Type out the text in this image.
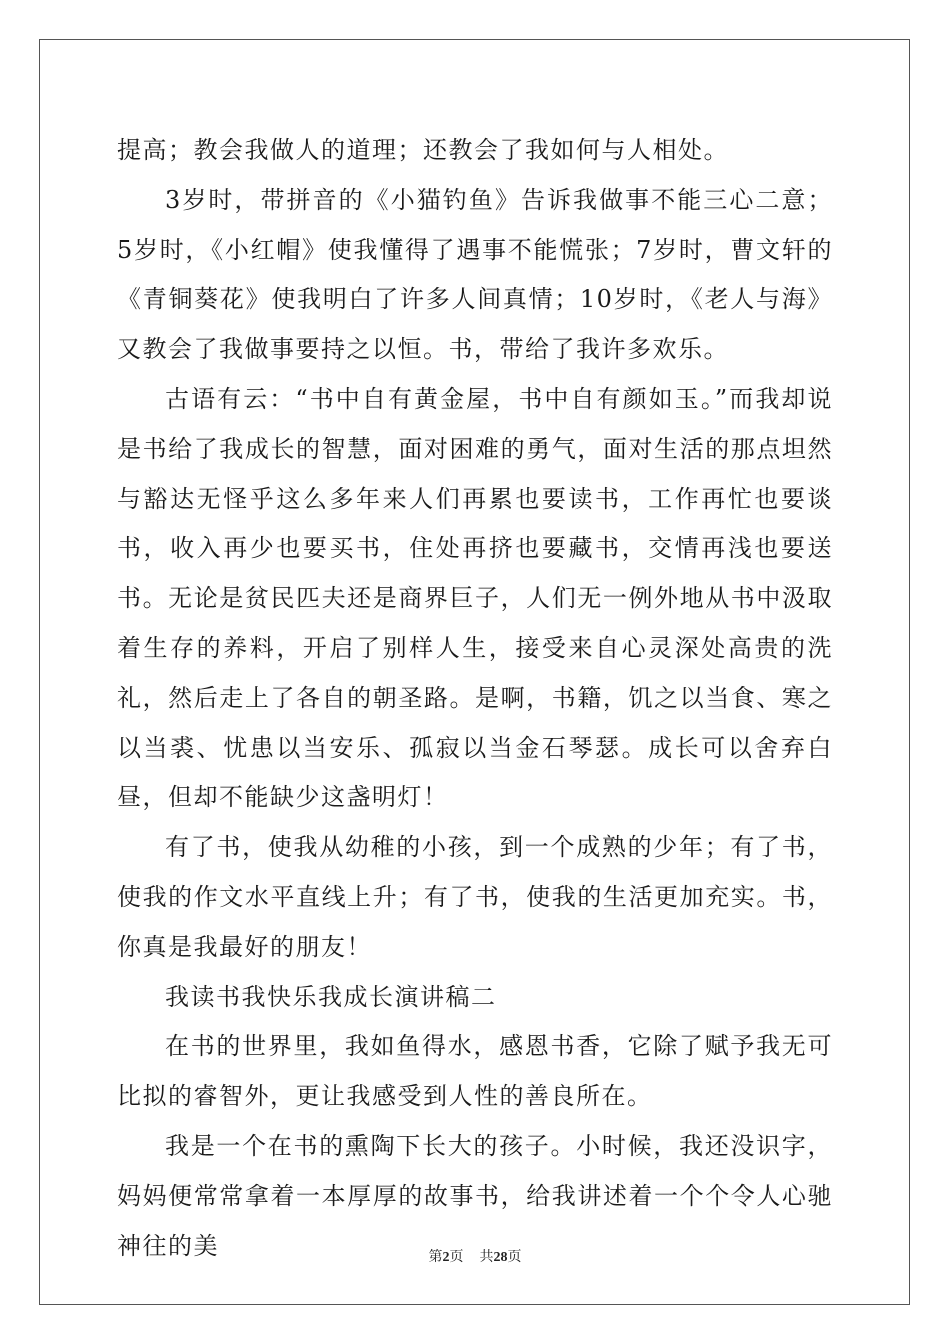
提高；教会我做人的道理；还教会了我如何与人相处。

3岁时，带拼音的《小猫钓鱼》告诉我做事不能三心二意；5岁时，《小红帽》使我懂得了遇事不能慌张；7岁时，曹文轩的《青铜葵花》使我明白了许多人间真情；10岁时，《老人与海》又教会了我做事要持之以恒。书，带给了我许多欢乐。

古语有云：“书中自有黄金屋，书中自有颜如玉。”而我却说是书给了我成长的智慧，面对困难的勇气，面对生活的那点坦然与豁达无怪乎这么多年来人们再累也要读书，工作再忙也要谈书，收入再少也要买书，住处再挤也要藏书，交情再浅也要送书。无论是贫民匹夫还是商界巨子，人们无一例外地从书中汲取着生存的养料，开启了别样人生，接受来自心灵深处高贵的洗礼，然后走上了各自的朝圣路。是啊，书籍，饥之以当食、寒之以当裘、忧患以当安乐、孤寂以当金石琴瑟。成长可以舍弃白昼，但却不能缺少这盏明灯！

有了书，使我从幼稚的小孩，到一个成熟的少年；有了书，使我的作文水平直线上升；有了书，使我的生活更加充实。书，你真是我最好的朋友！

我读书我快乐我成长演讲稿二

在书的世界里，我如鱼得水，感恩书香，它除了赋予我无可比拟的睿智外，更让我感受到人性的善良所在。

我是一个在书的熏陶下长大的孩子。小时候，我还没识字，妈妈便常常拿着一本厚厚的故事书，给我讲述着一个个令人心驰神往的美	第2页 共28页
